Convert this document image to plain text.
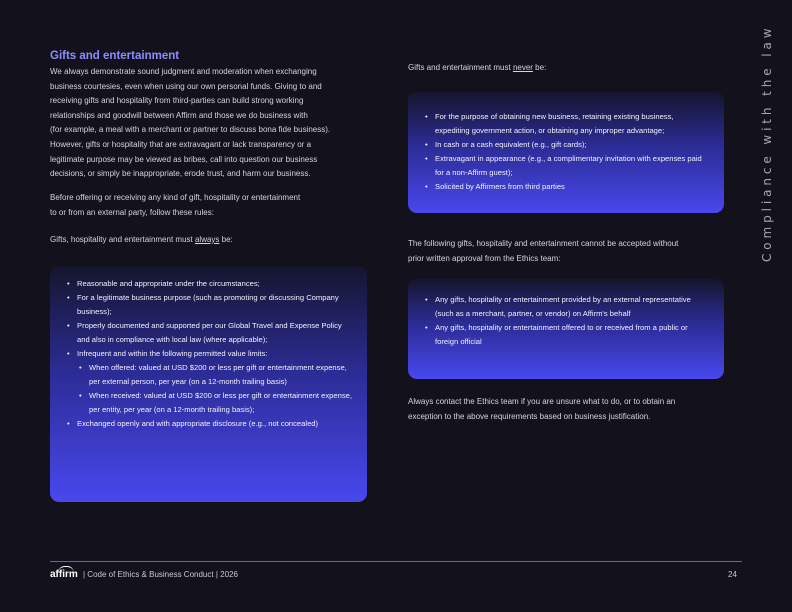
Gifts and entertainment

We always demonstrate sound judgment and moderation when exchanging
business courtesies, even when using our own personal funds. Giving to and
receiving gifts and hospitality from third-parties can build strong working
relationships and goodwill between Affirm and those we do business with
(for example, a meal with a merchant or partner to discuss bona fide business).
However, gifts or hospitality that are extravagant or lack transparency or a
legitimate purpose may be viewed as bribes, call into question our business
decisions, or simply be inappropriate, erode trust, and harm our business.

Before offering or receiving any kind of gift, hospitality or entertainment
to or from an external party, follow these rules:

Gifts, hospitality and entertainment must always be:

• Reasonable and appropriate under the circumstances;
• For a legitimate business purpose (such as promoting or discussing Company business);
• Properly documented and supported per our Global Travel and Expense Policy and also in compliance with local law (where applicable);
• Infrequent and within the following permitted value limits:
• When offered: valued at USD $200 or less per gift or entertainment expense, per external person, per year (on a 12-month trailing basis)
• When received: valued at USD $200 or less per gift or entertainment expense, per entity, per year (on a 12-month trailing basis);
• Exchanged openly and with appropriate disclosure (e.g., not concealed)

Gifts and entertainment must never be:

• For the purpose of obtaining new business, retaining existing business, expediting government action, or obtaining any improper advantage;
• In cash or a cash equivalent (e.g., gift cards);
• Extravagant in appearance (e.g., a complimentary invitation with expenses paid for a non-Affirm guest);
• Solicited by Affirmers from third parties

The following gifts, hospitality and entertainment cannot be accepted without
prior written approval from the Ethics team:

• Any gifts, hospitality or entertainment provided by an external representative (such as a merchant, partner, or vendor) on Affirm's behalf
• Any gifts, hospitality or entertainment offered to or received from a public or foreign official

Always contact the Ethics team if you are unsure what to do, or to obtain an
exception to the above requirements based on business justification.

Compliance with the law
affirm | Code of Ethics & Business Conduct | 2026	24
